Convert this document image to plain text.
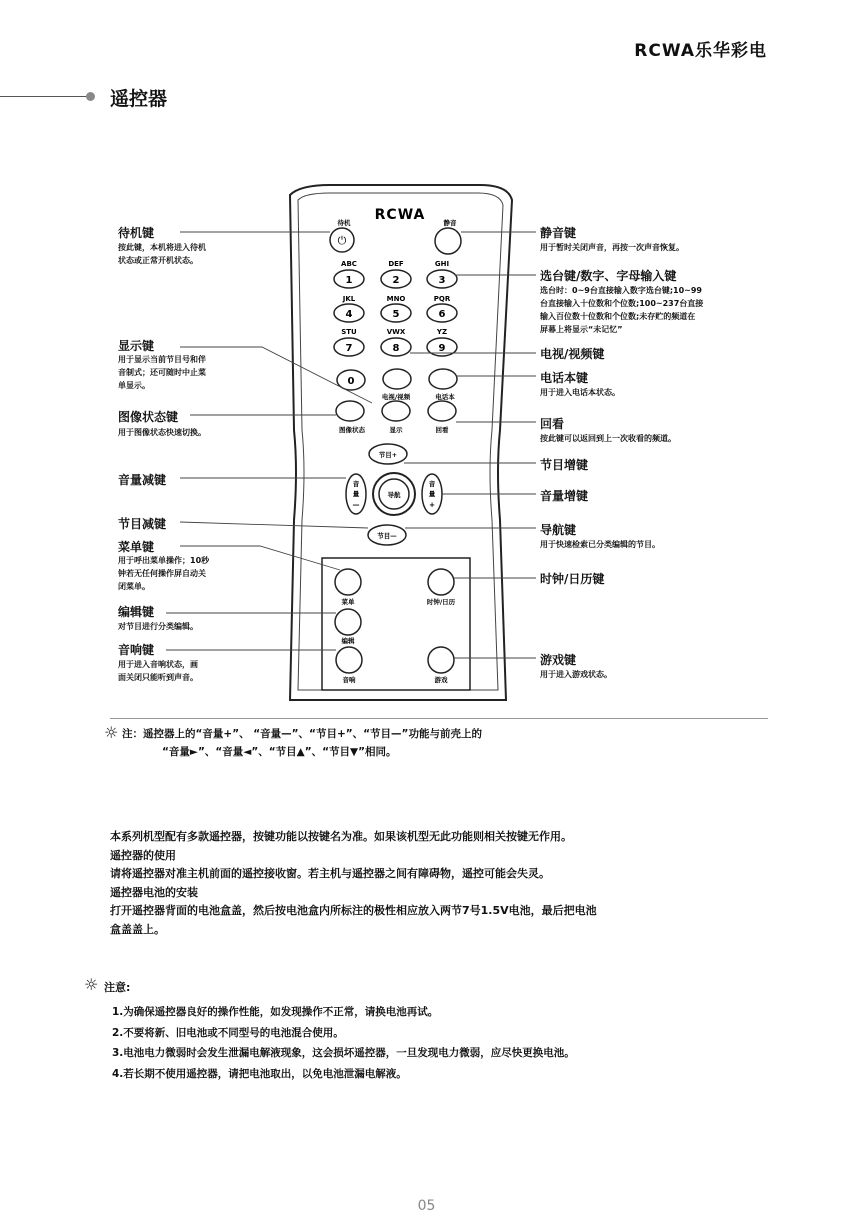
RCWA乐华彩电
遥控器
RCWA
待机
⏻
静音
ABC	DEF	GHI
JKL	MNO	PQR
STU	VWX	YZ
1	2	3
4	5	6
7	8	9
0
电视/视频	电话本
图像状态	显示	回看
节目+
节目—
音
量
—
音
量
+
导航
菜单	时钟/日历
编辑
音响	游戏
待机键
按此键，本机将进入待机
状态或正常开机状态。
显示键
用于显示当前节目号和伴
音制式；还可随时中止菜
单显示。
图像状态键
用于图像状态快速切换。
音量减键
节目减键
菜单键
用于呼出菜单操作；10秒
钟若无任何操作屏自动关
闭菜单。
编辑键
对节目进行分类编辑。
音响键
用于进入音响状态，画
面关闭只能听到声音。
静音键
用于暂时关闭声音，再按一次声音恢复。
选台键/数字、字母输入键
选台时：0~9台直接输入数字选台键;10~99
台直接输入十位数和个位数;100~237台直接
输入百位数十位数和个位数;未存贮的频道在
屏幕上将显示“未记忆”
电视/视频键
电话本键
用于进入电话本状态。
回看
按此键可以返回到上一次收看的频道。
节目增键
音量增键
导航键
用于快速检索已分类编辑的节目。
时钟/日历键
游戏键
用于进入游戏状态。
☼ 注：遥控器上的“音量+”、 “音量—”、“节目+”、“节目—”功能与前壳上的
“音量►”、“音量◄”、“节目▲”、“节目▼”相同。
本系列机型配有多款遥控器，按键功能以按键名为准。如果该机型无此功能则相关按键无作用。
遥控器的使用
请将遥控器对准主机前面的遥控接收窗。若主机与遥控器之间有障碍物，遥控可能会失灵。
遥控器电池的安装
打开遥控器背面的电池盒盖，然后按电池盒内所标注的极性相应放入两节7号1.5V电池，最后把电池
盒盖盖上。
☼ 注意:
1.为确保遥控器良好的操作性能，如发现操作不正常，请换电池再试。
2.不要将新、旧电池或不同型号的电池混合使用。
3.电池电力微弱时会发生泄漏电解液现象，这会损坏遥控器，一旦发现电力微弱，应尽快更换电池。
4.若长期不使用遥控器，请把电池取出，以免电池泄漏电解液。
05
